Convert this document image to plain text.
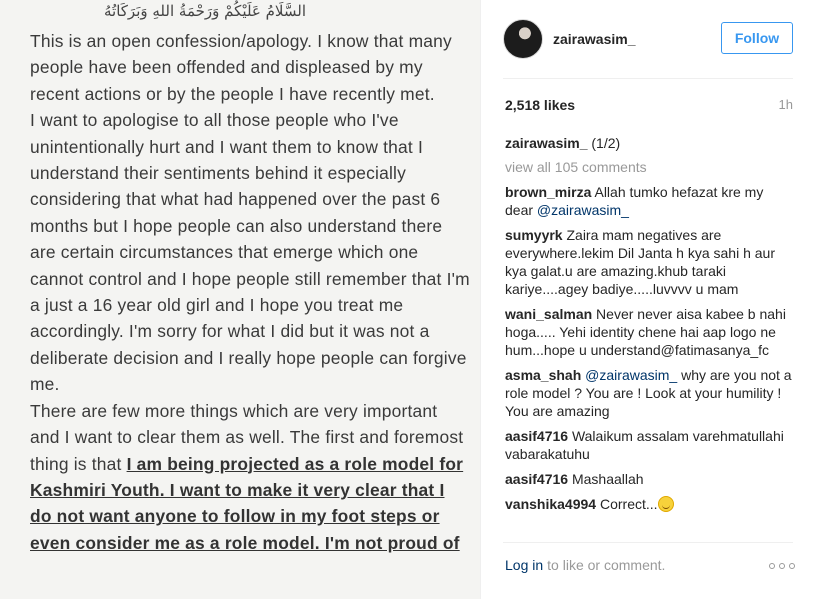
السَّلَامُ عَلَيْكُمْ وَرَحْمَةُ اللهِ وَبَرَكَاتُهُ

This is an open confession/apology. I know that many people have been offended and displeased by my recent actions or by the people I have recently met.

I want to apologise to all those people who I've unintentionally hurt and I want them to know that I understand their sentiments behind it especially considering that what had happened over the past 6 months but I hope people can also understand there are certain circumstances that emerge which one cannot control and I hope people still remember that I'm a just a 16 year old girl and I hope you treat me accordingly. I'm sorry for what I did but it was not a deliberate decision and I really hope people can forgive me.

There are few more things which are very important and I want to clear them as well. The first and foremost thing is that I am being projected as a role model for Kashmiri Youth. I want to make it very clear that I do not want anyone to follow in my foot steps or even consider me as a role model. I'm not proud of

zairawasim_	Follow
2,518 likes	1h
zairawasim_ (1/2)
view all 105 comments
brown_mirza Allah tumko hefazat kre my dear @zairawasim_
sumyyrk Zaira mam negatives are everywhere.lekim Dil Janta h kya sahi h aur kya galat.u are amazing.khub taraki kariye....agey badiye.....luvvvv u mam
wani_salman Never never aisa kabee b nahi hoga..... Yehi identity chene hai aap logo ne hum...hope u understand@fatimasanya_fc
asma_shah @zairawasim_ why are you not a role model ? You are ! Look at your humility ! You are amazing
aasif4716 Walaikum assalam varehmatullahi vabarakatuhu
aasif4716 Mashaallah
vanshika4994 Correct...
Log in to like or comment.
